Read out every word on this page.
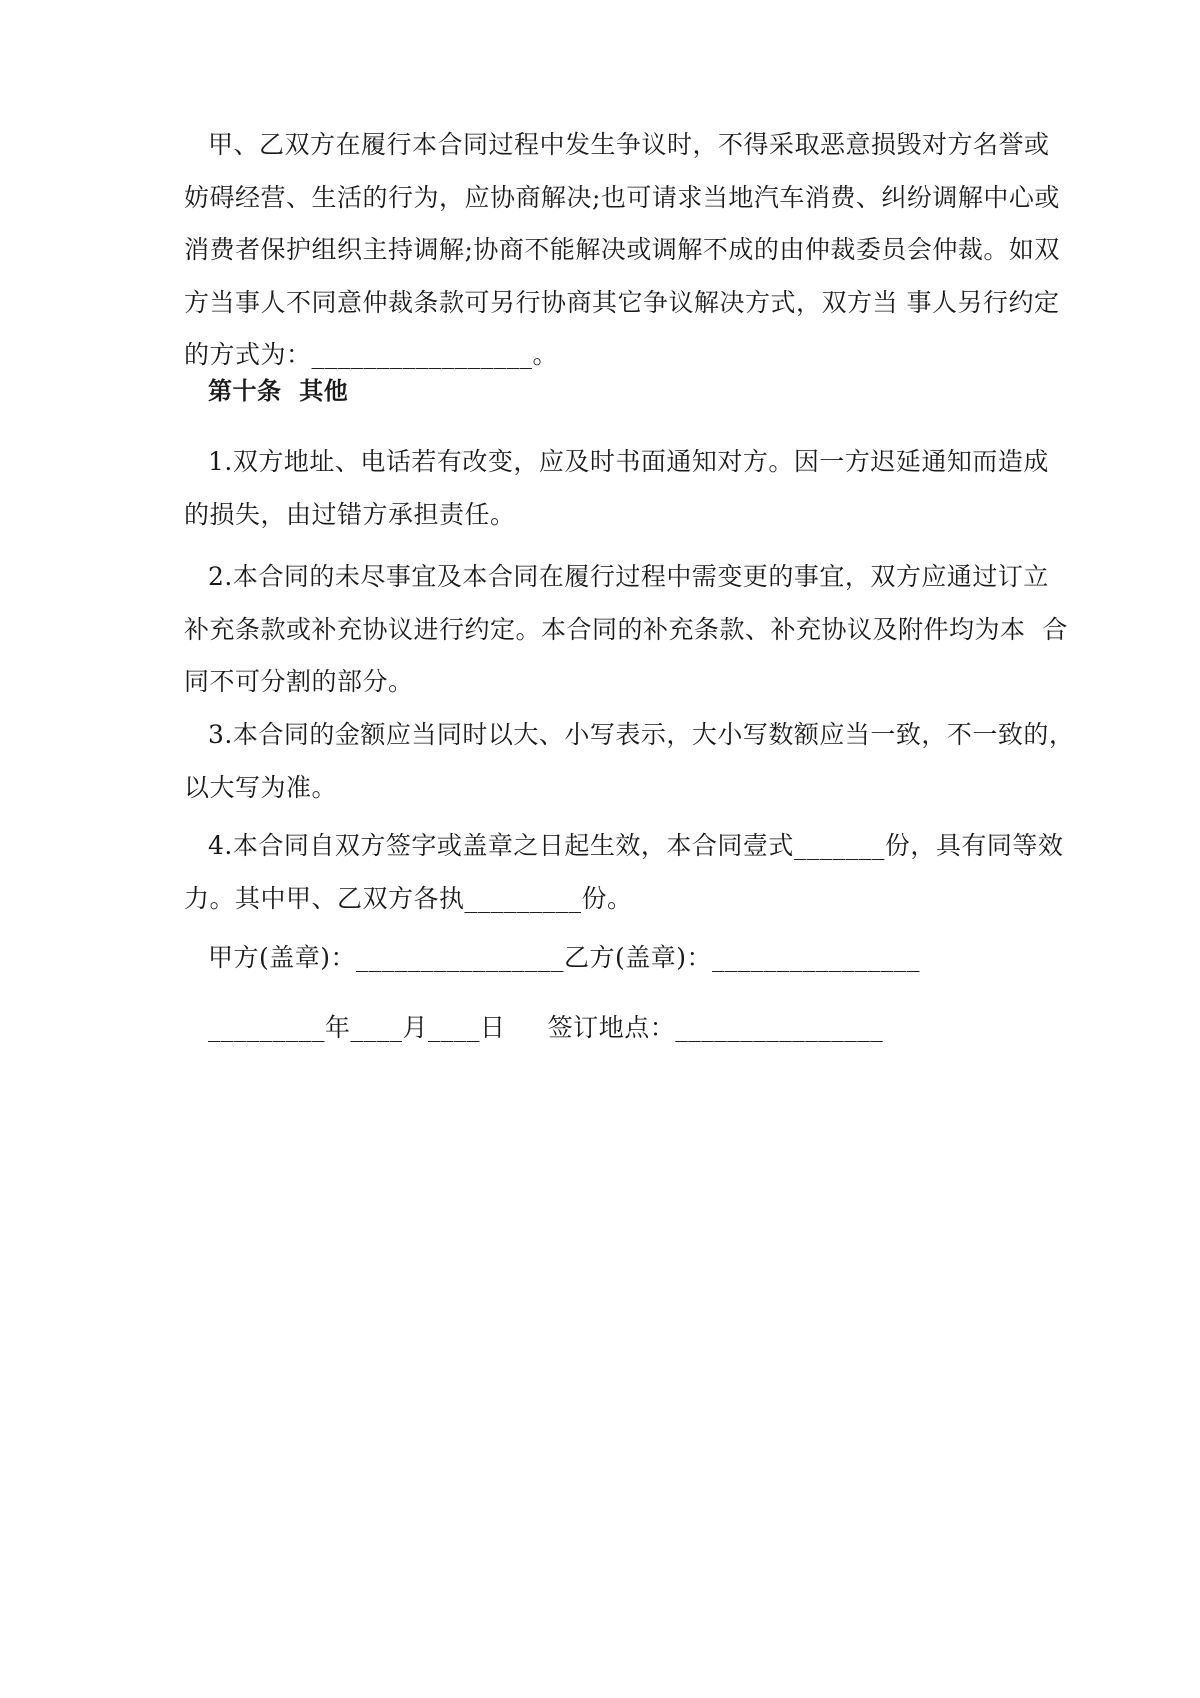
甲、乙双方在履行本合同过程中发生争议时，不得采取恶意损毁对方名誉或
妨碍经营、生活的行为，应协商解决;也可请求当地汽车消费、纠纷调解中心或
消费者保护组织主持调解;协商不能解决或调解不成的由仲裁委员会仲裁。如双
方当事人不同意仲裁条款可另行协商其它争议解决方式，双方当 事人另行约定
的方式为：_________________。
第十条  其他
1.双方地址、电话若有改变，应及时书面通知对方。因一方迟延通知而造成
的损失，由过错方承担责任。
2.本合同的未尽事宜及本合同在履行过程中需变更的事宜，双方应通过订立
补充条款或补充协议进行约定。本合同的补充条款、补充协议及附件均为本  合
同不可分割的部分。
3.本合同的金额应当同时以大、小写表示，大小写数额应当一致，不一致的，
以大写为准。
4.本合同自双方签字或盖章之日起生效，本合同壹式_______份，具有同等效
力。其中甲、乙双方各执_________份。
甲方(盖章)：________________乙方(盖章)：________________
_________年____月____日     签订地点：________________
